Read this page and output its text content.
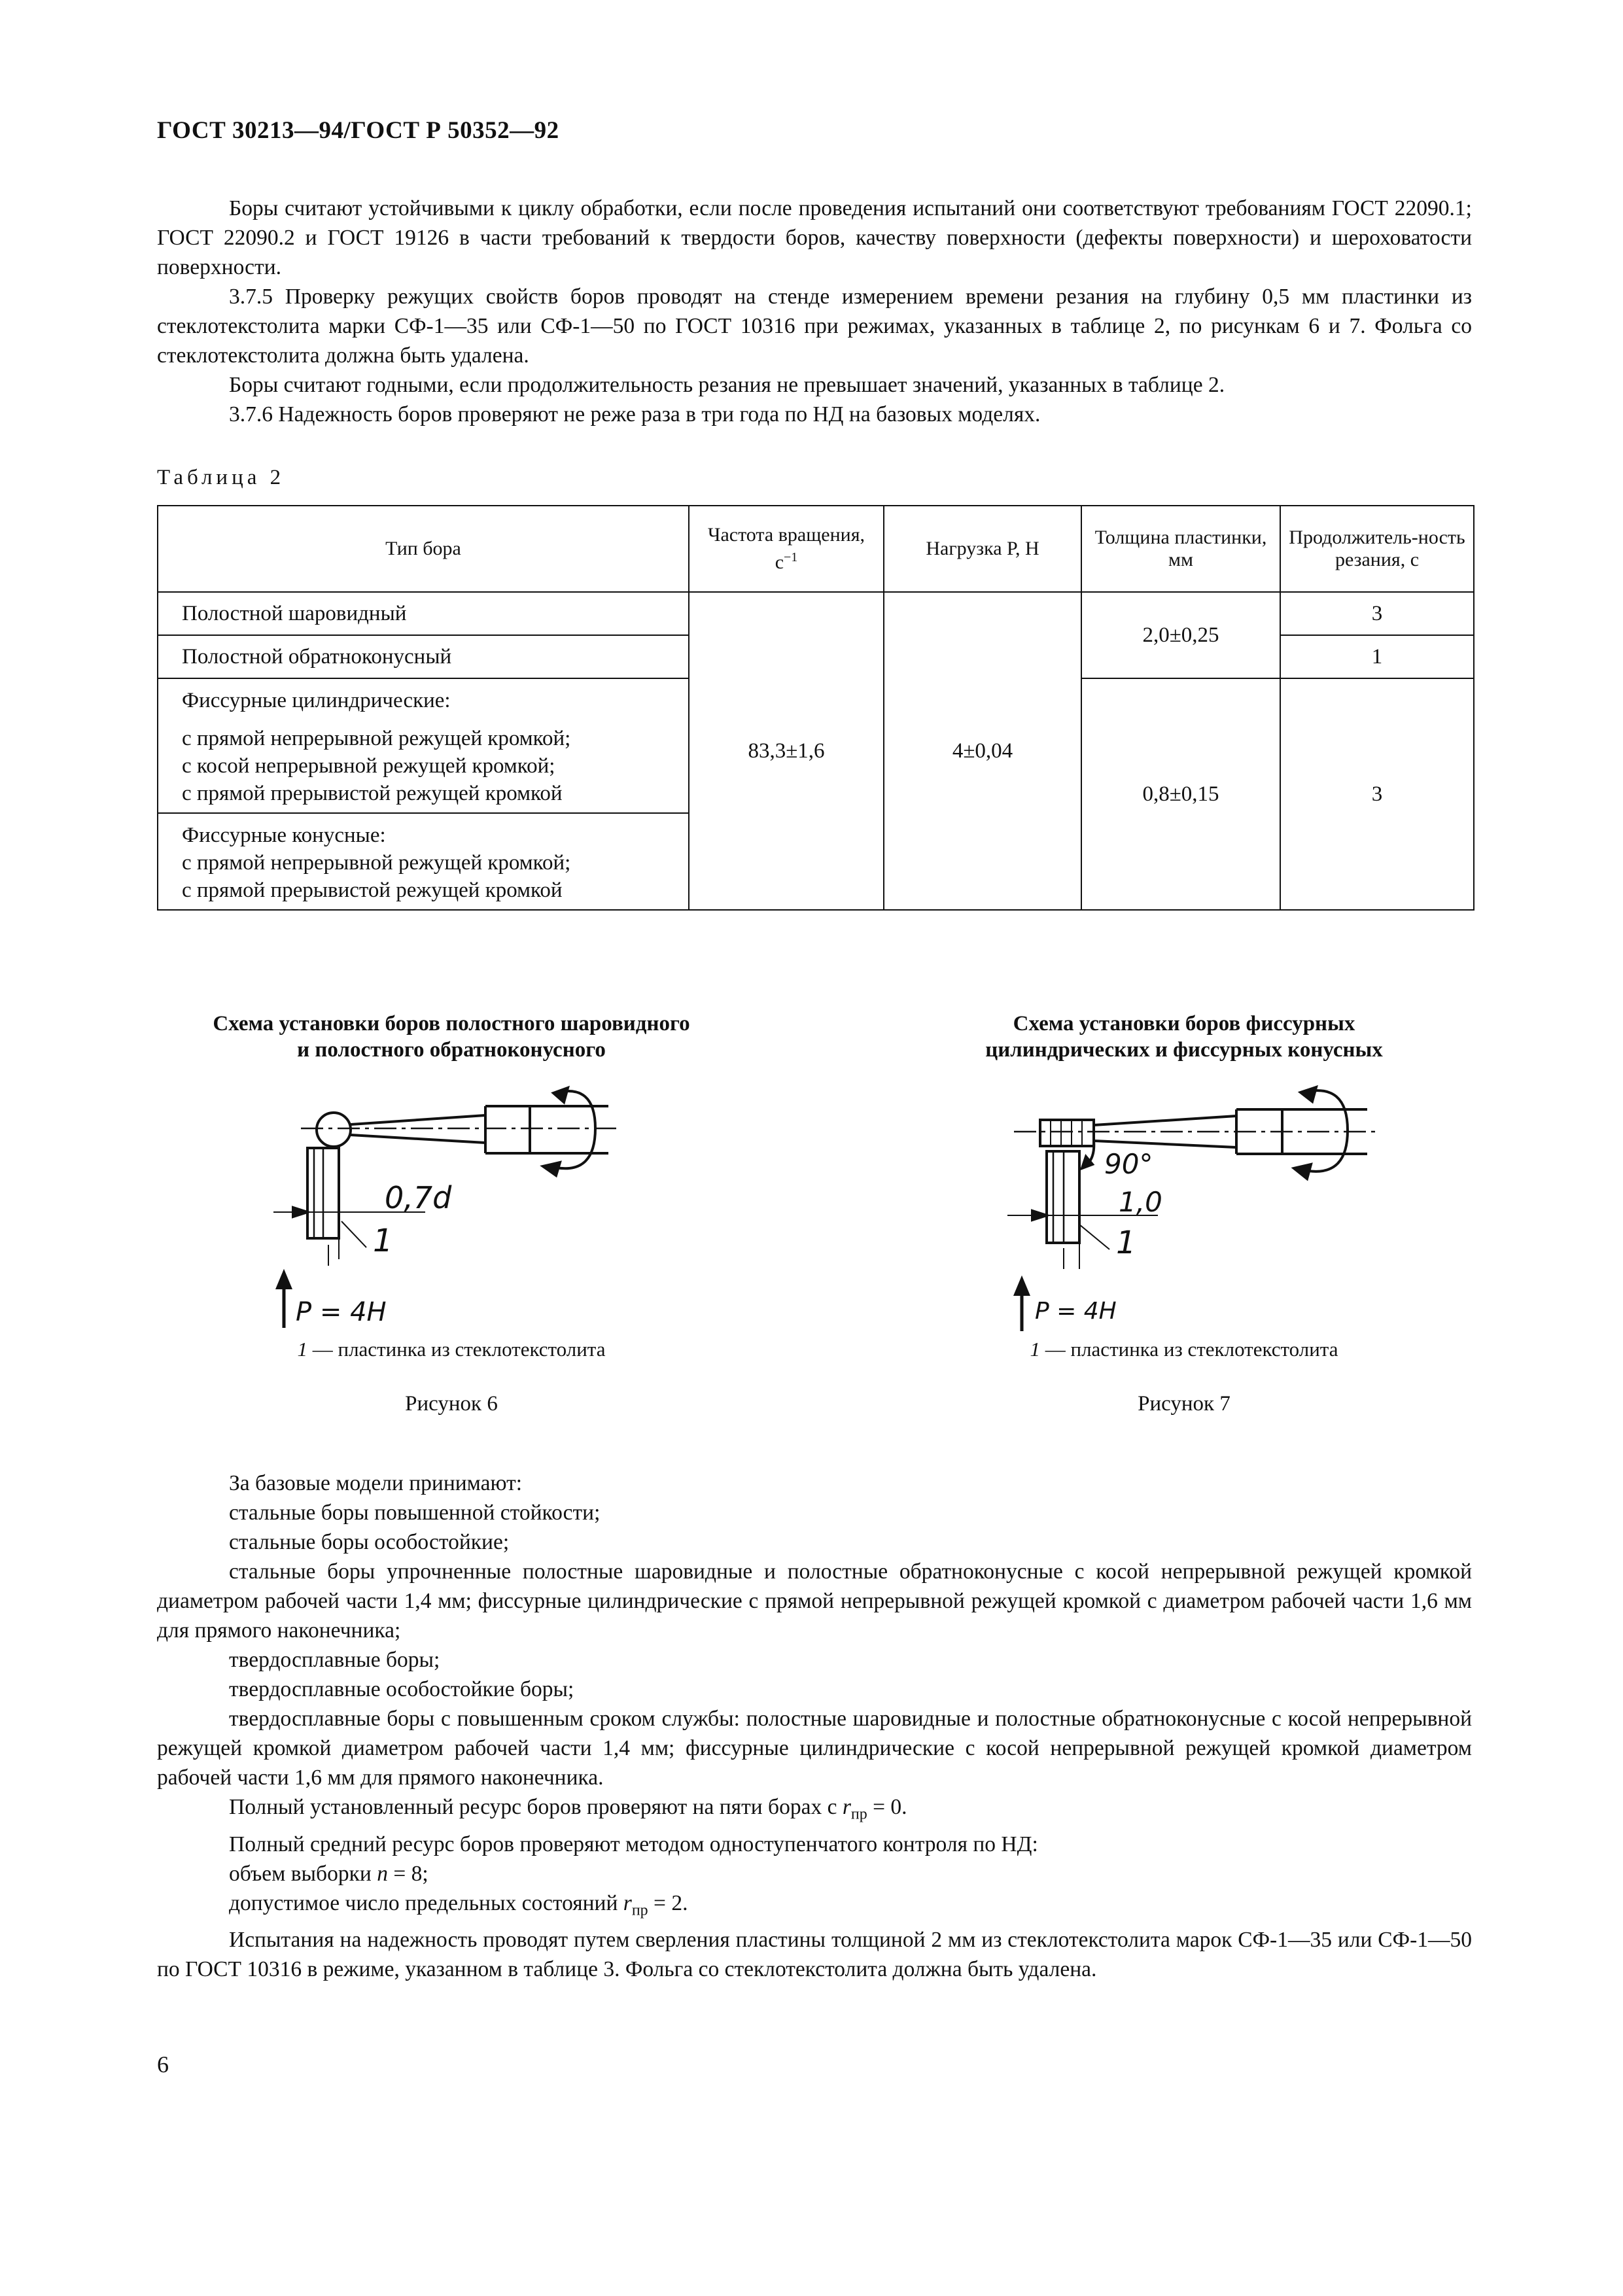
ГОСТ 30213—94/ГОСТ Р 50352—92

Боры считают устойчивыми к циклу обработки, если после проведения испытаний они соответствуют требованиям ГОСТ 22090.1; ГОСТ 22090.2 и ГОСТ 19126 в части требований к твердости боров, качеству поверхности (дефекты поверхности) и шероховатости поверхности.

3.7.5 Проверку режущих свойств боров проводят на стенде измерением времени резания на глубину 0,5 мм пластинки из стеклотекстолита марки СФ-1—35 или СФ-1—50 по ГОСТ 10316 при режимах, указанных в таблице 2, по рисункам 6 и 7. Фольга со стеклотекстолита должна быть удалена.

Боры считают годными, если продолжительность резания не превышает значений, указанных в таблице 2.

3.7.6 Надежность боров проверяют не реже раза в три года по НД на базовых моделях.

Таблица 2
Тип бора	Частота вращения, $с^{-1}$	Нагрузка Р, Н	Толщина пластинки, мм	Продолжитель-ность резания, с
Полостной шаровидный	83,3±1,6	4±0,04	2,0±0,25	3
Полостной обратноконусный				1

Фиссурные цилиндрические:
с прямой непрерывной режущей кромкой;
с косой непрерывной режущей кромкой;
с прямой прерывистой режущей кромкой			0,8±0,15	3

Фиссурные конусные:
с прямой непрерывной режущей кромкой;
с прямой прерывистой режущей кромкой				
Схема установки боров полостного шаровидного
и полостного обратноконусного
0,7d
1
P = 4H
1 — пластинка из стеклотекстолита
Рисунок 6
Схема установки боров фиссурных
цилиндрических и фиссурных конусных
90°
1,0
1
P = 4H
1 — пластинка из стеклотекстолита
Рисунок 7

За базовые модели принимают:

стальные боры повышенной стойкости;

стальные боры особостойкие;

стальные боры упрочненные полостные шаровидные и полостные обратноконусные с косой непрерывной режущей кромкой диаметром рабочей части 1,4 мм; фиссурные цилиндрические с прямой непрерывной режущей кромкой с диаметром рабочей части 1,6 мм для прямого наконечника;

твердосплавные боры;

твердосплавные особостойкие боры;

твердосплавные боры с повышенным сроком службы: полостные шаровидные и полостные обратноконусные с косой непрерывной режущей кромкой диаметром рабочей части 1,4 мм; фиссурные цилиндрические с косой непрерывной режущей кромкой диаметром рабочей части 1,6 мм для прямого наконечника.

Полный установленный ресурс боров проверяют на пяти борах с $r_{пр} = 0$.

Полный средний ресурс боров проверяют методом одноступенчатого контроля по НД:

объем выборки n = 8;

допустимое число предельных состояний $r_{пр} = 2$.

Испытания на надежность проводят путем сверления пластины толщиной 2 мм из стеклотекстолита марок СФ-1—35 или СФ-1—50 по ГОСТ 10316 в режиме, указанном в таблице 3. Фольга со стеклотекстолита должна быть удалена.

6
